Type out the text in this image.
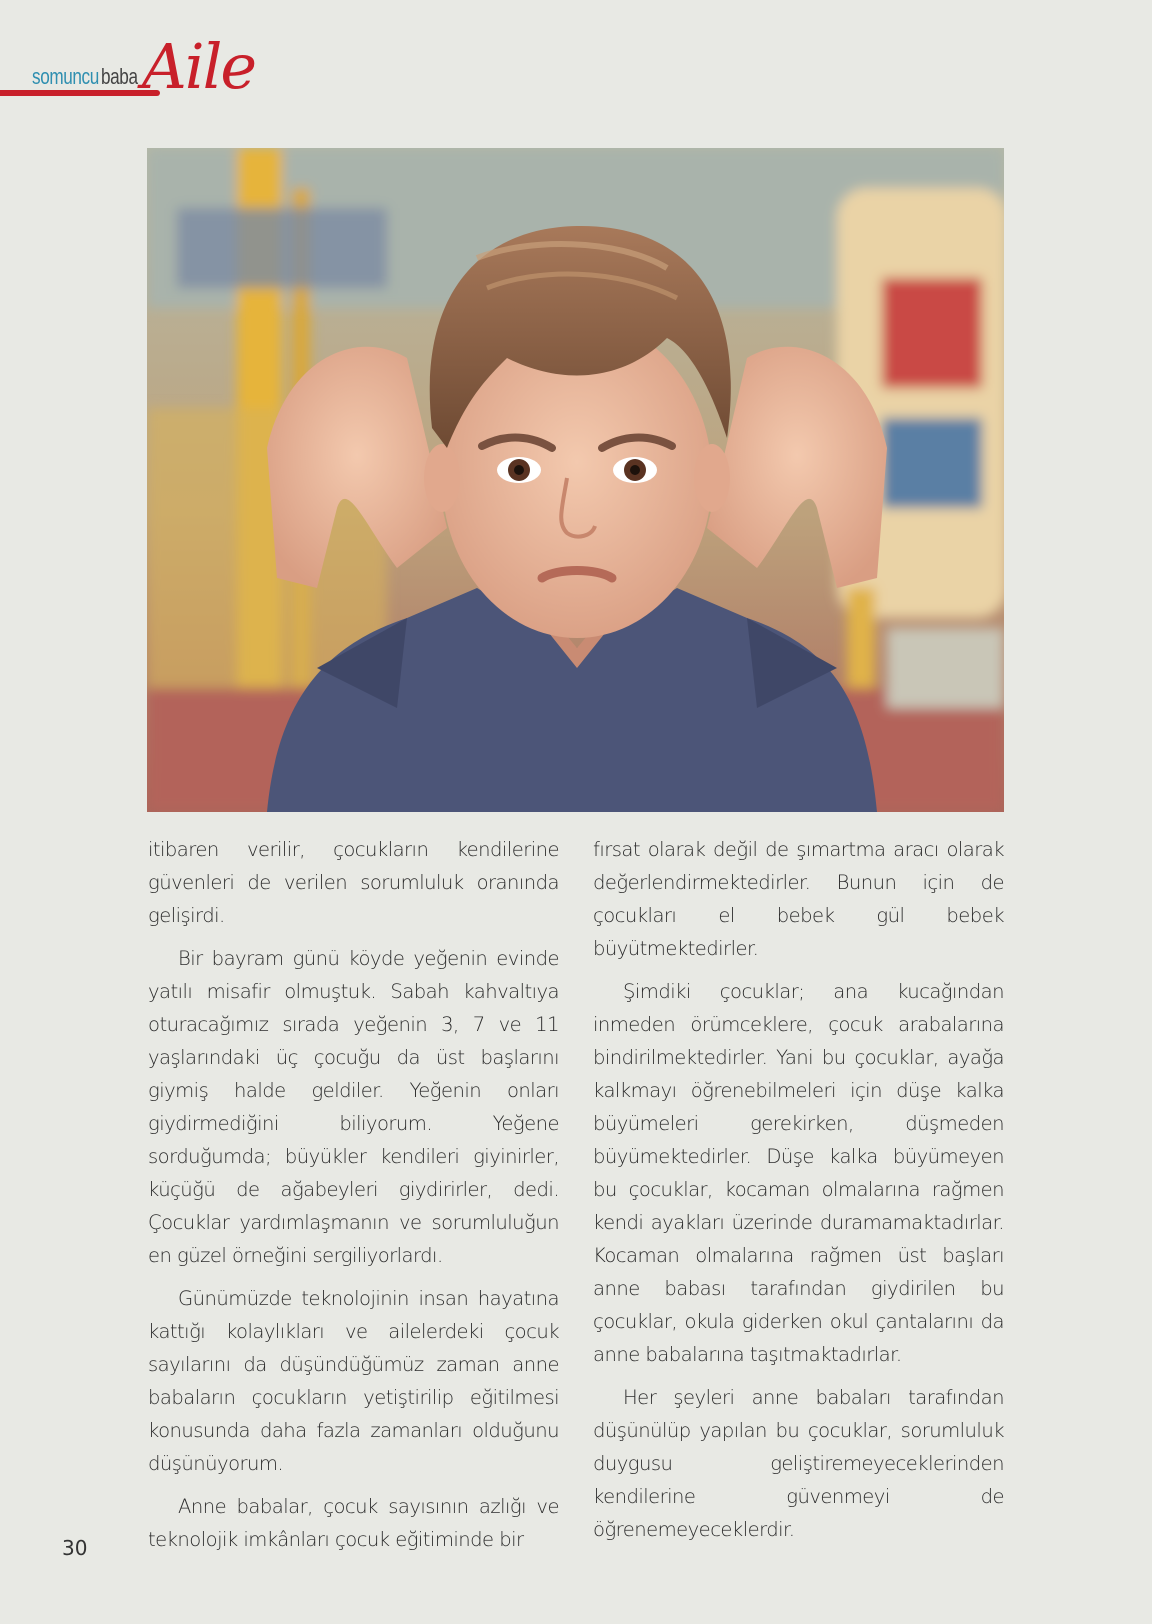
somuncu baba Aile

itibaren verilir, çocukların kendilerine güvenleri de verilen sorumluluk oranında gelişirdi.

Bir bayram günü köyde yeğenin evinde yatılı misafir olmuştuk. Sabah kahvaltıya oturacağımız sırada yeğenin 3, 7 ve 11 yaşlarındaki üç çocuğu da üst başlarını giymiş halde geldiler. Yeğenin onları giydirmediğini biliyorum. Yeğene sorduğumda; büyükler kendileri giyinirler, küçüğü de ağabeyleri giydirirler, dedi. Çocuklar yardımlaşmanın ve sorumluluğun en güzel örneğini sergiliyorlardı.

Günümüzde teknolojinin insan hayatına kattığı kolaylıkları ve ailelerdeki çocuk sayılarını da düşündüğümüz zaman anne babaların çocukların yetiştirilip eğitilmesi konusunda daha fazla zamanları olduğunu düşünüyorum.

Anne babalar, çocuk sayısının azlığı ve teknolojik imkânları çocuk eğitiminde bir

fırsat olarak değil de şımartma aracı olarak değerlendirmektedirler. Bunun için de çocukları el bebek gül bebek büyütmektedirler.

Şimdiki çocuklar; ana kucağından inmeden örümceklere, çocuk arabalarına bindirilmektedirler. Yani bu çocuklar, ayağa kalkmayı öğrenebilmeleri için düşe kalka büyümeleri gerekirken, düşmeden büyümektedirler. Düşe kalka büyümeyen bu çocuklar, kocaman olmalarına rağmen kendi ayakları üzerinde duramamaktadırlar. Kocaman olmalarına rağmen üst başları anne babası tarafından giydirilen bu çocuklar, okula giderken okul çantalarını da anne babalarına taşıtmaktadırlar.

Her şeyleri anne babaları tarafından düşünülüp yapılan bu çocuklar, sorumluluk duygusu geliştiremeyeceklerinden kendilerine güvenmeyi de öğrenemeyeceklerdir.

30
